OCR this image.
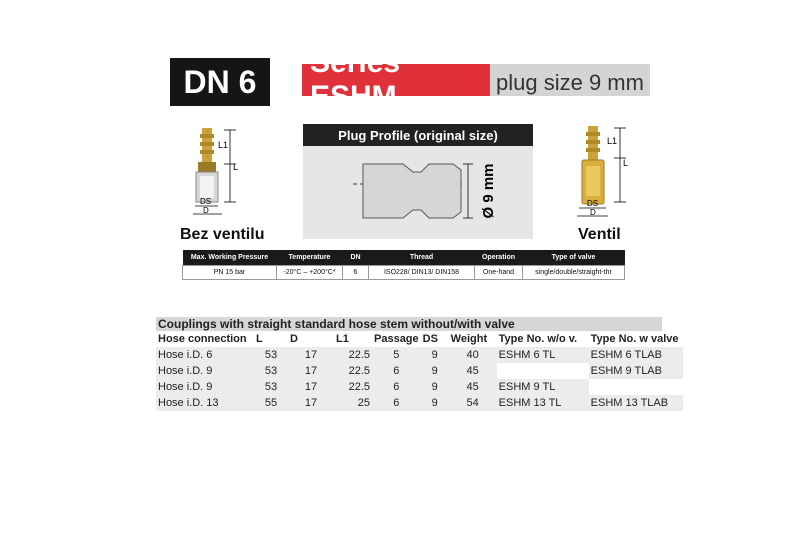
DN 6
Series ESHM	plug size 9 mm
L1
L
DS
D
Bez ventilu
Plug Profile (original size)
Ø 9 mm
L1
L
DS
D
Ventil
Max. Working Pressure	Temperature	DN	Thread	Operation	Type of valve
PN 15 bar	-20°C – +200°C*	6	ISO228/ DIN13/ DIN158	One-hand	single/double/straight-thr
Couplings with straight standard hose stem without/with valve
Hose connection	L	D	L1	Passage	DS	Weight	Type No. w/o v.	Type No. w valve
Hose i.D. 6	53	17	22.5	5	9	40	ESHM 6 TL	ESHM 6 TLAB
Hose i.D. 9	53	17	22.5	6	9	45		ESHM 9 TLAB
Hose i.D. 9	53	17	22.5	6	9	45	ESHM 9 TL	
Hose i.D. 13	55	17	25	6	9	54	ESHM 13 TL	ESHM 13 TLAB
